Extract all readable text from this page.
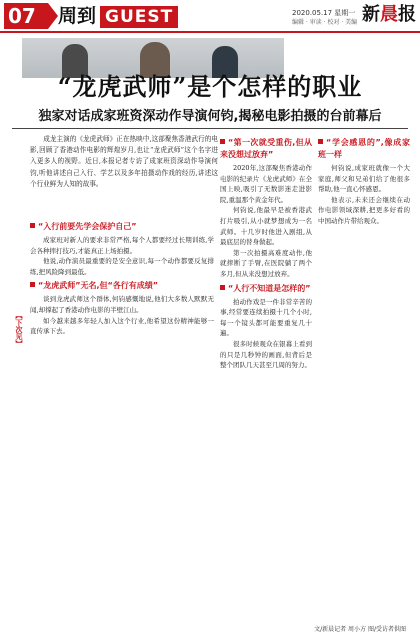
07	周到 GUEST	2020.05.17 星期一
编辑 · 审读 · 校对 · 美编 新晨报
“龙虎武师”是个怎样的职业
独家对话成家班资深动作导演何钧,揭秘电影拍摄的台前幕后
成龙主演的《龙虎武师》正在热映中,这部聚焦香港武行的电影,回顾了香港动作电影的辉煌岁月,也让“龙虎武师”这个名字进入更多人的视野。近日,本报记者专访了成家班资深动作导演何钧,听他讲述自己入行、学艺以及多年拍摄动作戏的经历,讲述这个行业鲜为人知的故事。
【下次见】
“入行前要先学会保护自己”

成家班对新人的要求非常严格,每个人都要经过长期训练,学会各种摔打技巧,才能真正上场拍摄。

他说,动作演员最重要的是安全意识,每一个动作都要反复排练,把风险降到最低。

“龙虎武师”无名,但“各行有成绩”

谈到龙虎武师这个群体,何钧感慨地说,他们大多数人默默无闻,却撑起了香港动作电影的半壁江山。

如今越来越多年轻人加入这个行业,他希望这份精神能够一直传承下去。

“第一次就受重伤,但从来没想过放弃”

2020年,这部聚焦香港动作电影的纪录片《龙虎武师》在全国上映,吸引了无数影迷走进影院,重温那个黄金年代。

何钧说,他最早是被香港武打片吸引,从小就梦想成为一名武师。十几岁时他进入剧组,从最底层的替身做起。

第一次拍摄高难度动作,他就摔断了手臂,在医院躺了两个多月,但从来没想过放弃。

“人行不知道是怎样的”

拍动作戏是一件非常辛苦的事,经常要连续拍摄十几个小时,每一个镜头都可能要重复几十遍。

很多时候观众在银幕上看到的只是几秒钟的画面,但背后是整个团队几天甚至几周的努力。

“学会感恩的”,像成家班一样

何钧说,成家班就像一个大家庭,师父和兄弟们给了他很多帮助,他一直心怀感恩。

他表示,未来还会继续在动作电影领域深耕,把更多好看的中国动作片带给观众。

文/新晨记者 周小方 图/受访者供图
